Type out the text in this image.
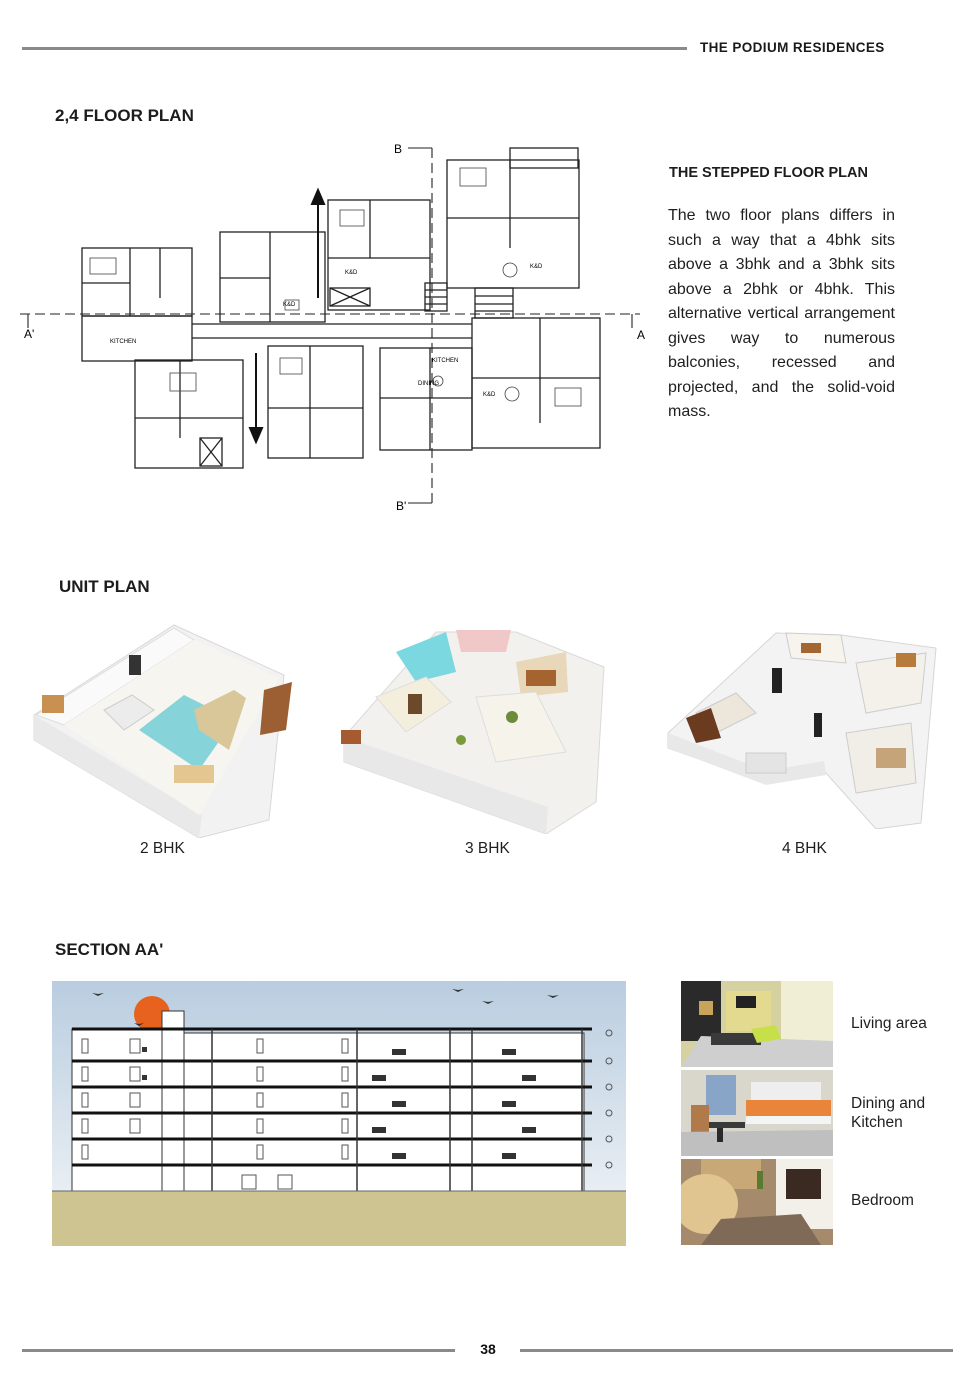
THE PODIUM RESIDENCES
2,4 FLOOR PLAN
B
B'
A'	A
K&D
K&D
K&D
K&D
KITCHEN
DINING
KITCHEN
THE STEPPED FLOOR PLAN
The two floor plans differs in such a way that a 4bhk sits above a 3bhk and a 3bhk sits above a 2bhk or 4bhk. This alternative vertical arrangement gives way to numerous balconies, recessed and projected, and the solid-void mass.
UNIT PLAN
2 BHK	3 BHK	4 BHK
SECTION AA'
Living area
Dining and Kitchen
Bedroom
38
